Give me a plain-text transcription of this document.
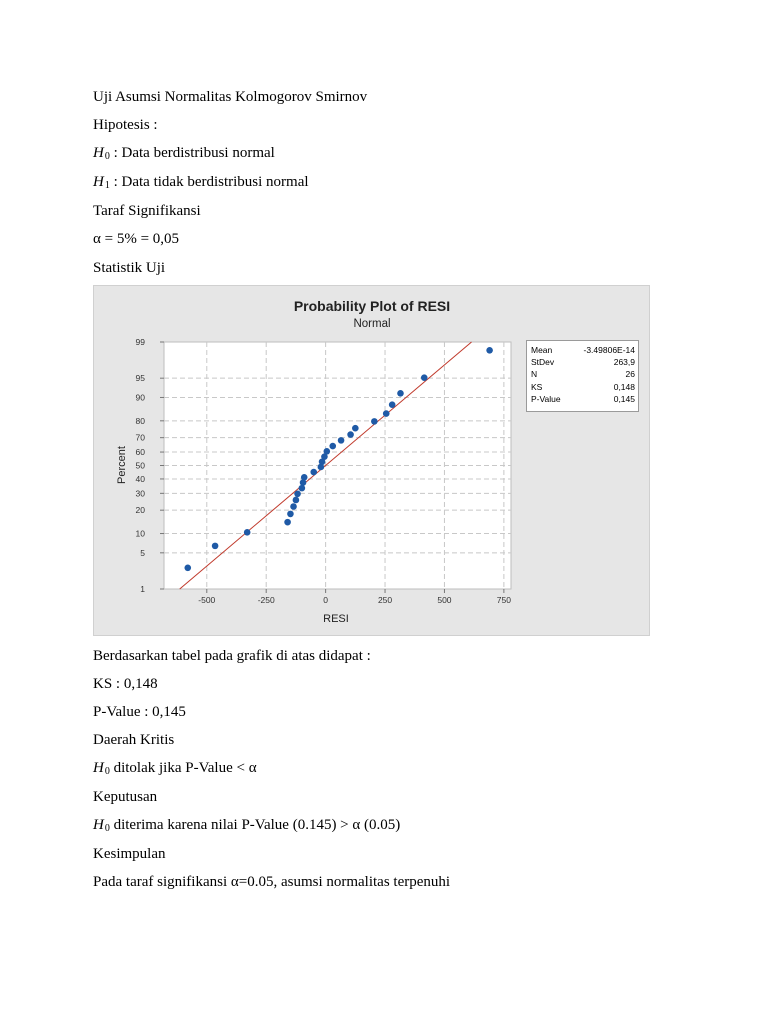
Uji Asumsi Normalitas Kolmogorov Smirnov
Hipotesis :
$H_0$ : Data berdistribusi normal
$H_1$ : Data tidak berdistribusi normal
Taraf Signifikansi
α = 5% = 0,05
Statistik Uji
Probability Plot of RESI
Normal
1
5
10
20
30
40
50
60
70
80
90
95
99
-500	-250	0	250	500	750
RESI
Percent
Mean	-3.49806E-14
StDev	263,9
N	26
KS	0,148
P-Value	0,145
Berdasarkan tabel pada grafik di atas didapat :
KS : 0,148
P-Value : 0,145
Daerah Kritis
$H_0$ ditolak jika P-Value < α
Keputusan
$H_0$ diterima karena nilai P-Value (0.145) > α (0.05)
Kesimpulan
Pada taraf signifikansi α=0.05, asumsi normalitas terpenuhi
